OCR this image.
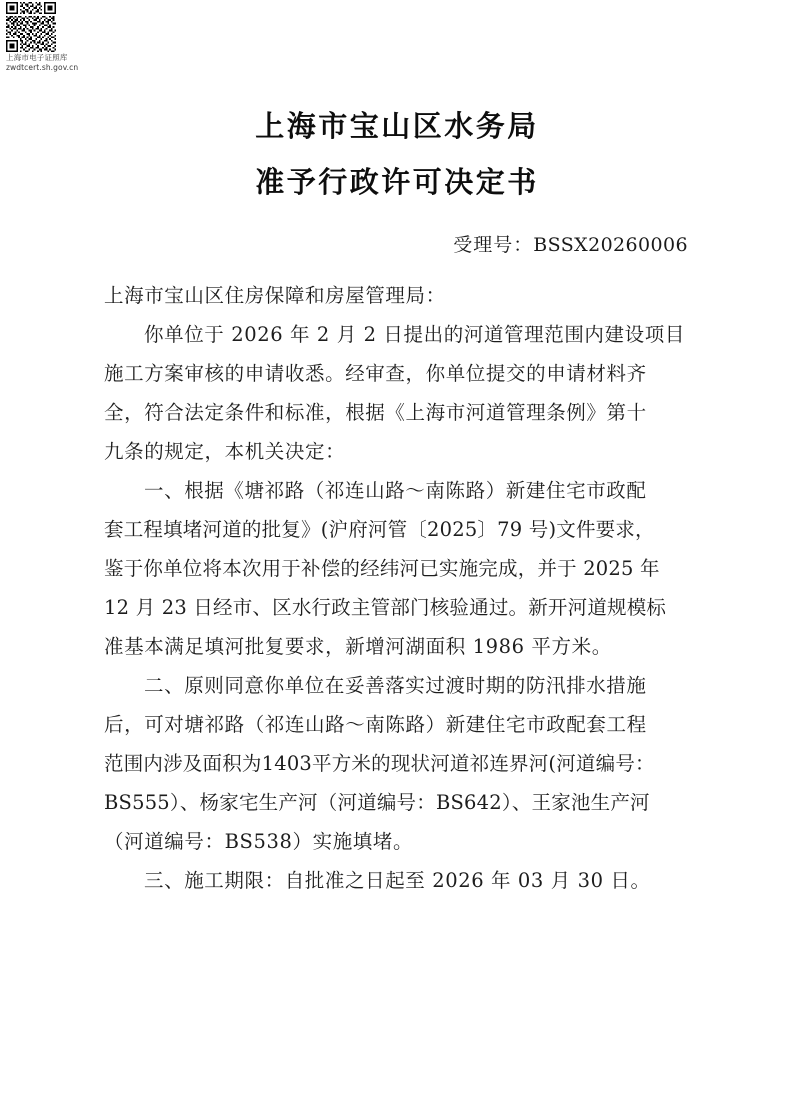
上海市电子证照库
zwdtcert.sh.gov.cn
上海市宝山区水务局
准予行政许可决定书
受理号：BSSX20260006
上海市宝山区住房保障和房屋管理局：
你单位于 2026 年 2 月 2 日提出的河道管理范围内建设项目
施工方案审核的申请收悉。经审查，你单位提交的申请材料齐
全，符合法定条件和标准，根据《上海市河道管理条例》第十
九条的规定，本机关决定：
一、根据《塘祁路（祁连山路～南陈路）新建住宅市政配
套工程填堵河道的批复》(沪府河管〔2025〕79 号)文件要求，
鉴于你单位将本次用于补偿的经纬河已实施完成，并于 2025 年
12 月 23 日经市、区水行政主管部门核验通过。新开河道规模标
准基本满足填河批复要求，新增河湖面积 1986 平方米。
二、原则同意你单位在妥善落实过渡时期的防汛排水措施
后，可对塘祁路（祁连山路～南陈路）新建住宅市政配套工程
范围内涉及面积为1403平方米的现状河道祁连界河(河道编号：
BS555）、杨家宅生产河（河道编号：BS642）、王家池生产河
（河道编号：BS538）实施填堵。
三、施工期限：自批准之日起至 2026 年 03 月 30 日。
